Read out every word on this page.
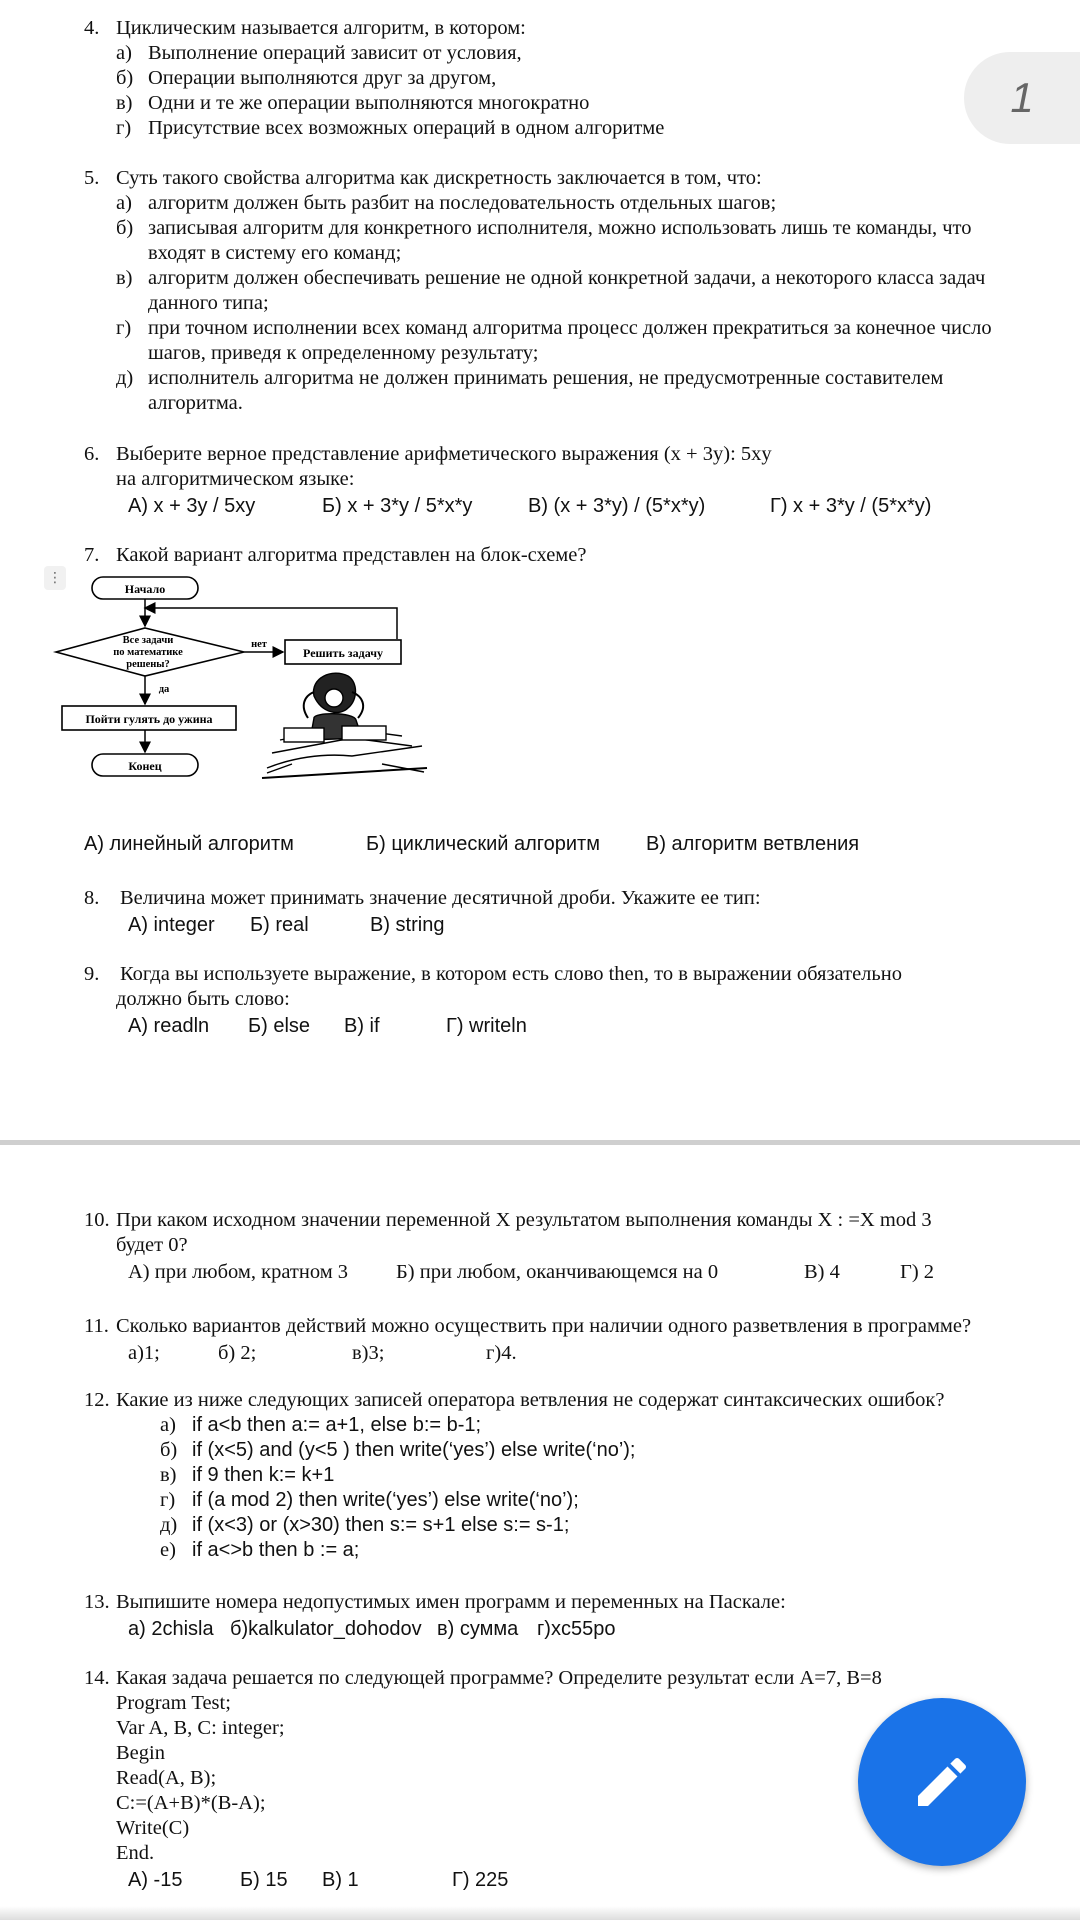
4. Циклическим называется алгоритм, в котором:
а) Выполнение операций зависит от условия,
б) Операции выполняются друг за другом,
в) Одни и те же операции выполняются многократно
г) Присутствие всех возможных операций в одном алгоритме
5. Суть такого свойства алгоритма как дискретность заключается в том, что:
а) алгоритм должен быть разбит на последовательность отдельных шагов;
б) записывая алгоритм для конкретного исполнителя, можно использовать лишь те команды, что входят в систему его команд;
в) алгоритм должен обеспечивать решение не одной конкретной задачи, а некоторого класса задач данного типа;
г) при точном исполнении всех команд алгоритма процесс должен прекратиться за конечное число шагов, приведя к определенному результату;
д) исполнитель алгоритма не должен принимать решения, не предусмотренные составителем алгоритма.
6. Выберите верное представление арифметического выражения (x + 3y): 5xy
на алгоритмическом языке:
А) x + 3y / 5xy	Б) x + 3*y / 5*x*y	В) (x + 3*y) / (5*x*y)	Г) x + 3*y / (5*x*y)
7. Какой вариант алгоритма представлен на блок-схеме?
⋮
Начало
Все задачи
по математике
решены?
нет
Решить задачу
да
Пойти гулять до ужина
Конец
А) линейный алгоритм	Б) циклический алгоритм	В) алгоритм ветвления
8.	Величина может принимать значение десятичной дроби. Укажите ее тип:
А) integer	Б) real	В) string
9.	Когда вы используете выражение, в котором есть слово then, то в выражении обязательно
должно быть слово:
А) readln	Б) else	В) if	Г) writeln
1
10. При каком исходном значении переменной X результатом выполнения команды X : =X mod 3
будет 0?
А) при любом, кратном 3	Б) при любом, оканчивающемся на 0	В) 4	Г) 2
11. Сколько вариантов действий можно осуществить при наличии одного разветвления в программе?
а)1;	б) 2;	в)3;	г)4.
12. Какие из ниже следующих записей оператора ветвления не содержат синтаксических ошибок?
а) if a<b then a:= a+1, else b:= b-1;
б) if (x<5) and (y<5 ) then write(‘yes’) else write(‘no’);
в) if 9 then k:= k+1
г) if (a mod 2) then write(‘yes’) else write(‘no’);
д) if (x<3) or (x>30) then s:= s+1 else s:= s-1;
е) if a<>b then b := a;
13. Выпишите номера недопустимых имен программ и переменных на Паскале:
а) 2chisla б)kalkulator_dohodov в) сумма г)xc55po
14. Какая задача решается по следующей программе? Определите результат если A=7, B=8
Program Test;
Var A, B, C: integer;
Begin
Read(A, B);
C:=(A+B)*(B-A);
Write(C)
End.
А) -15	Б) 15	В) 1	Г) 225
